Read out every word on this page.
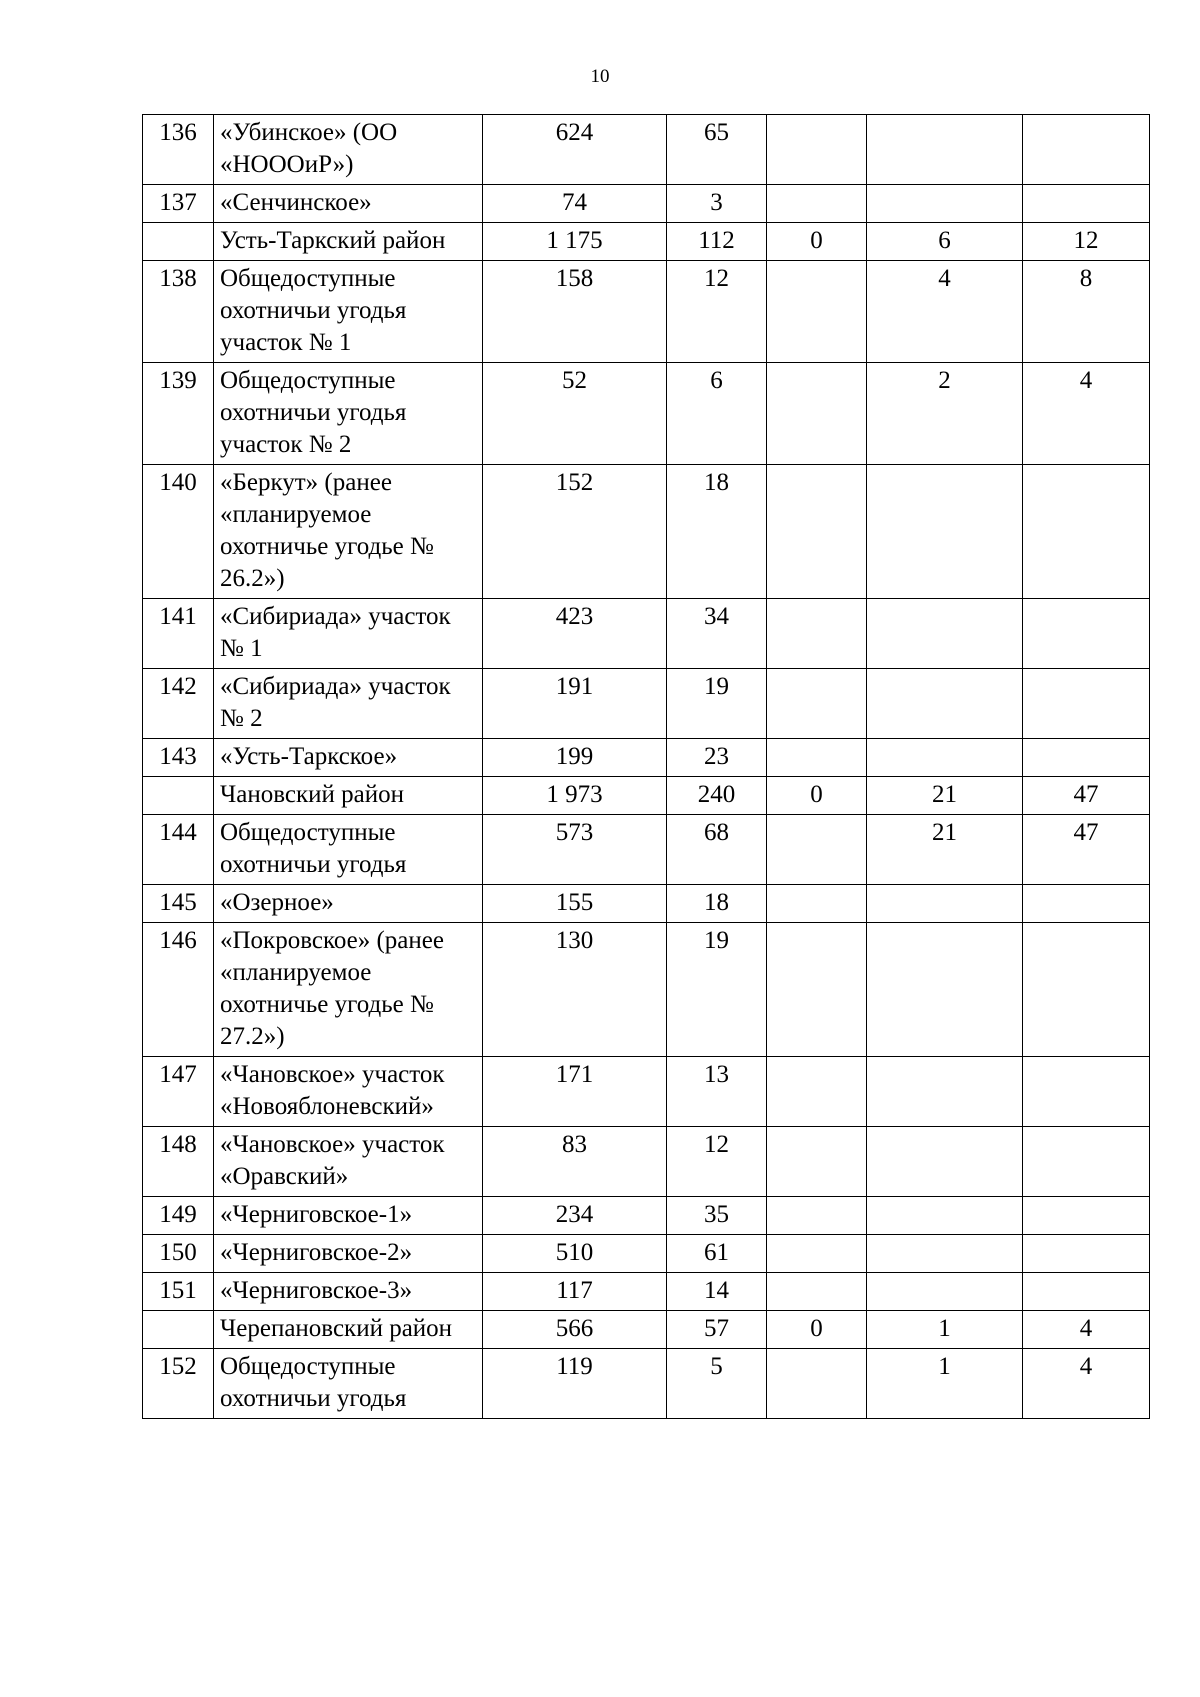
10
136	«Убинское» (ОО «НОООиР»)	624	65			
137	«Сенчинское»	74	3			
	Усть-Таркский район	1 175	112	0	6	12
138	Общедоступные охотничьи угодья участок № 1	158	12		4	8
139	Общедоступные охотничьи угодья участок № 2	52	6		2	4
140	«Беркут» (ранее «планируемое охотничье угодье № 26.2»)	152	18			
141	«Сибириада» участок № 1	423	34			
142	«Сибириада» участок № 2	191	19			
143	«Усть-Таркское»	199	23			
	Чановский район	1 973	240	0	21	47
144	Общедоступные охотничьи угодья	573	68		21	47
145	«Озерное»	155	18			
146	«Покровское» (ранее «планируемое охотничье угодье № 27.2»)	130	19			
147	«Чановское» участок «Новояблоневский»	171	13			
148	«Чановское» участок «Оравский»	83	12			
149	«Черниговское-1»	234	35			
150	«Черниговское-2»	510	61			
151	«Черниговское-3»	117	14			
	Черепановский район	566	57	0	1	4
152	Общедоступные охотничьи угодья	119	5		1	4
